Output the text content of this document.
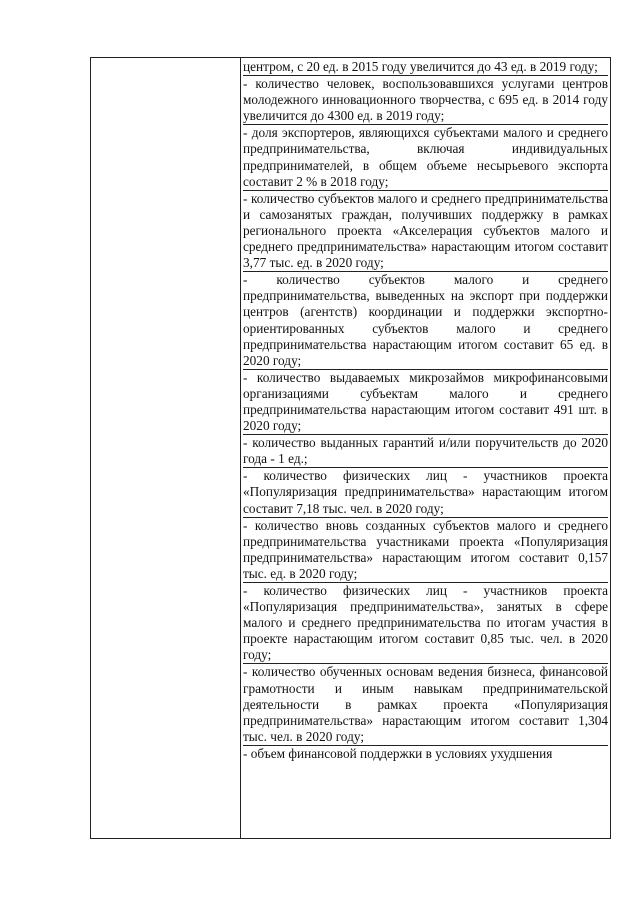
центром, с 20 ед. в 2015 году увеличится до 43 ед. в 2019 году;

- количество человек, воспользовавшихся услугами центров молодежного инновационного творчества, с 695 ед. в 2014 году увеличится до 4300 ед. в 2019 году;

- доля экспортеров, являющихся субъектами малого и среднего предпринимательства, включая индивидуальных предпринимателей, в общем объеме несырьевого экспорта составит 2 % в 2018 году;

- количество субъектов малого и среднего предпринимательства и самозанятых граждан, получивших поддержку в рамках регионального проекта «Акселерация субъектов малого и среднего предпринимательства» нарастающим итогом составит 3,77 тыс. ед. в 2020 году;

- количество субъектов малого и среднего предпринимательства, выведенных на экспорт при поддержки центров (агентств) координации и поддержки экспортно-ориентированных субъектов малого и среднего предпринимательства нарастающим итогом составит 65 ед. в 2020 году;

- количество выдаваемых микрозаймов микрофинансовыми организациями субъектам малого и среднего предпринимательства нарастающим итогом составит 491 шт. в 2020 году;

- количество выданных гарантий и/или поручительств до 2020 года - 1 ед.;

- количество физических лиц - участников проекта «Популяризация предпринимательства» нарастающим итогом составит 7,18 тыс. чел. в 2020 году;

- количество вновь созданных субъектов малого и среднего предпринимательства участниками проекта «Популяризация предпринимательства» нарастающим итогом составит 0,157 тыс. ед. в 2020 году;

- количество физических лиц - участников проекта «Популяризация предпринимательства», занятых в сфере малого и среднего предпринимательства по итогам участия в проекте нарастающим итогом составит 0,85 тыс. чел. в 2020 году;

- количество обученных основам ведения бизнеса, финансовой грамотности и иным навыкам предпринимательской деятельности в рамках проекта «Популяризация предпринимательства» нарастающим итогом составит 1,304 тыс. чел. в 2020 году;

- объем финансовой поддержки в условиях ухудшения
